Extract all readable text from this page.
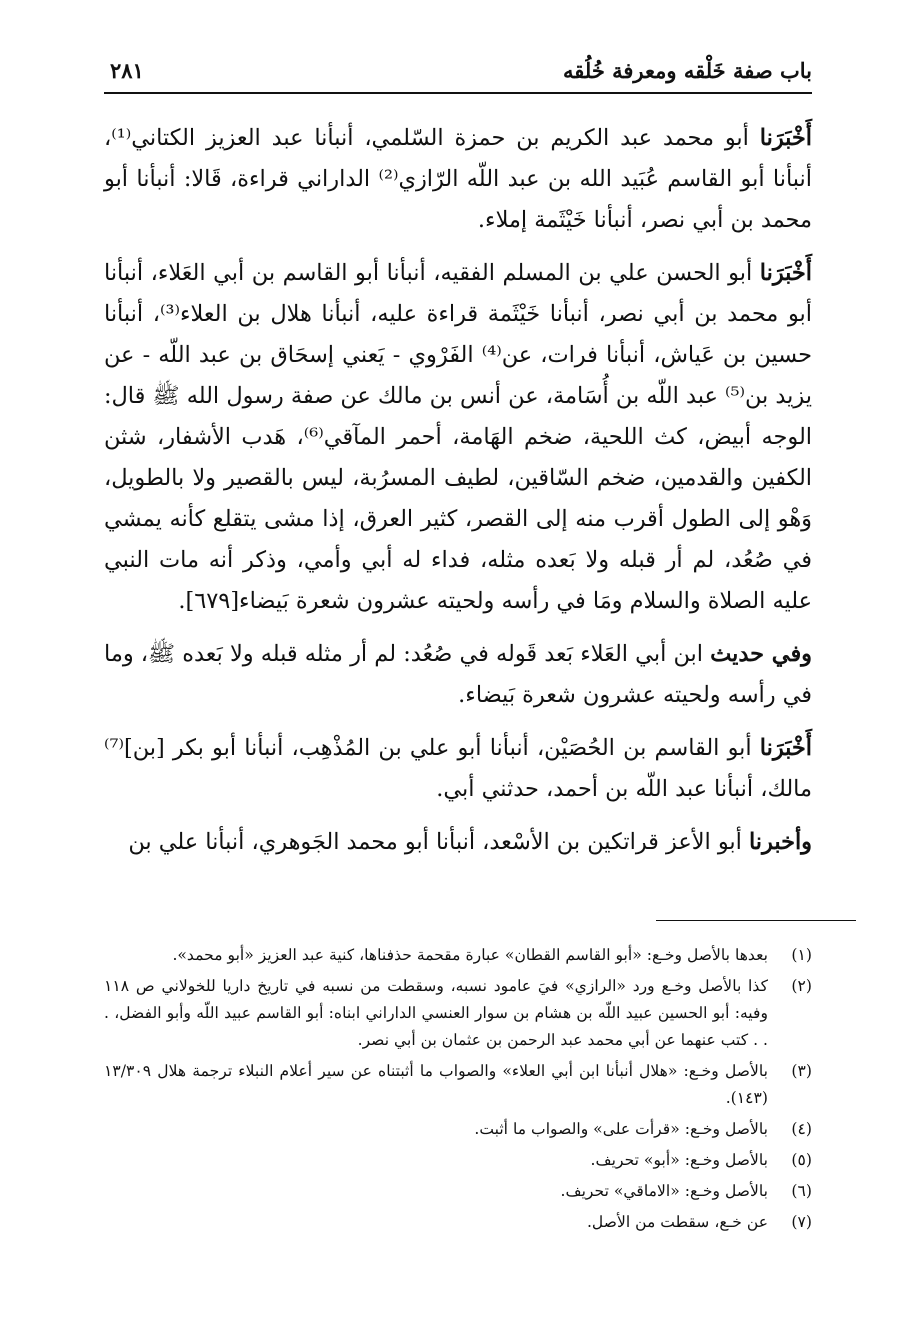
باب صفة خَلْقه ومعرفة خُلُقه
٢٨١

أَخْبَرَنا أبو محمد عبد الكريم بن حمزة السّلمي، أنبأنا عبد العزيز الكتاني⁽¹⁾، أنبأنا أبو القاسم عُبَيد الله بن عبد اللّه الرّازي⁽²⁾ الداراني قراءة، قَالا: أنبأنا أبو محمد بن أبي نصر، أنبأنا خَيْثَمة إملاء.

أَخْبَرَنا أبو الحسن علي بن المسلم الفقيه، أنبأنا أبو القاسم بن أبي العَلاء، أنبأنا أبو محمد بن أبي نصر، أنبأنا خَيْثَمة قراءة عليه، أنبأنا هلال بن العلاء⁽³⁾، أنبأنا حسين بن عَياش، أنبأنا فرات، عن⁽⁴⁾ الفَرْوي - يَعني إسحَاق بن عبد اللّه - عن يزيد بن⁽⁵⁾ عبد اللّه بن أُسَامة، عن أنس بن مالك عن صفة رسول الله ﷺ قال: الوجه أبيض، كث اللحية، ضخم الهَامة، أحمر المآقي⁽⁶⁾، هَدب الأشفار، شثن الكفين والقدمين، ضخم السّاقين، لطيف المسرُبة، ليس بالقصير ولا بالطويل، وَهْو إلى الطول أقرب منه إلى القصر، كثير العرق، إذا مشى يتقلع كأنه يمشي في صُعُد، لم أر قبله ولا بَعده مثله، فداء له أبي وأمي، وذكر أنه مات النبي عليه الصلاة والسلام ومَا في رأسه ولحيته عشرون شعرة بَيضاء[٦٧٩].

وفي حديث ابن أبي العَلاء بَعد قَوله في صُعُد: لم أر مثله قبله ولا بَعده ﷺ، وما في رأسه ولحيته عشرون شعرة بَيضاء.

أَخْبَرَنا أبو القاسم بن الحُصَيْن، أنبأنا أبو علي بن المُذْهِب، أنبأنا أبو بكر [بن]⁽⁷⁾ مالك، أنبأنا عبد اللّه بن أحمد، حدثني أبي.

وأخبرنا أبو الأعز قراتكين بن الأسْعد، أنبأنا أبو محمد الجَوهري، أنبأنا علي بن

(١)
بعدها بالأصل وخـع: «أبو القاسم القطان» عبارة مقحمة حذفناها، كنية عبد العزيز «أبو محمد».
(٢)
كذا بالأصل وخـع ورد «الرازي» فيَ عامود نسبه، وسقطت من نسبه في تاريخ داريا للخولاني ص ١١٨ وفيه: أبو الحسين عبيد اللّه بن هشام بن سوار العنسي الداراني ابناه: أبو القاسم عبيد اللّه وأبو الفضل، . . . كتب عنهما عن أبي محمد عبد الرحمن بن عثمان بن أبي نصر.
(٣)
بالأصل وخـع: «هلال أنبأنا ابن أبي العلاء» والصواب ما أثبتناه عن سير أعلام النبلاء ترجمة هلال ١٣/٣٠٩ (١٤٣).
(٤)
بالأصل وخـع: «قرأت على» والصواب ما أثبت.
(٥)
بالأصل وخـع: «أبو» تحريف.
(٦)
بالأصل وخـع: «الاماقي» تحريف.
(٧)
عن خـع، سقطت من الأصل.
